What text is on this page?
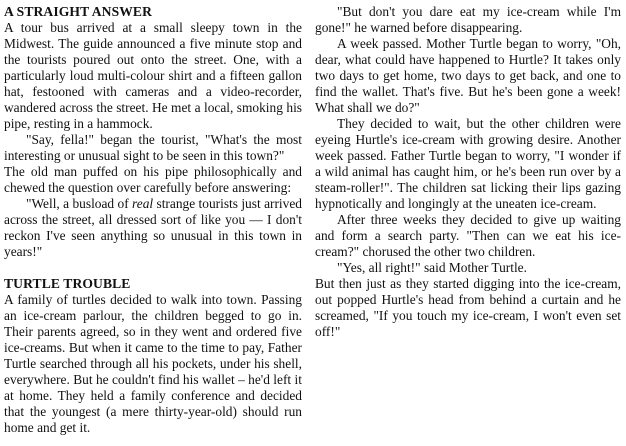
A STRAIGHT ANSWER

A tour bus arrived at a small sleepy town in the Midwest. The guide announced a five minute stop and the tourists poured out onto the street. One, with a particularly loud multi-colour shirt and a fifteen gallon hat, festooned with cameras and a video-recorder, wandered across the street. He met a local, smoking his pipe, resting in a hammock.

"Say, fella!" began the tourist, "What's the most interesting or unusual sight to be seen in this town?"

The old man puffed on his pipe philosophically and chewed the question over carefully before answering:

"Well, a busload of real strange tourists just arrived across the street, all dressed sort of like you — I don't reckon I've seen anything so unusual in this town in years!"

TURTLE TROUBLE

A family of turtles decided to walk into town. Passing an ice-cream parlour, the children begged to go in. Their parents agreed, so in they went and ordered five ice-creams. But when it came to the time to pay, Father Turtle searched through all his pockets, under his shell, everywhere. But he couldn't find his wallet – he'd left it at home. They held a family conference and decided that the youngest (a mere thirty-year-old) should run home and get it.

"But don't you dare eat my ice-cream while I'm gone!" he warned before disappearing.

A week passed. Mother Turtle began to worry, "Oh, dear, what could have happened to Hurtle? It takes only two days to get home, two days to get back, and one to find the wallet. That's five. But he's been gone a week! What shall we do?"

They decided to wait, but the other children were eyeing Hurtle's ice-cream with growing desire. Another week passed. Father Turtle began to worry, "I wonder if a wild animal has caught him, or he's been run over by a steam-roller!". The children sat licking their lips gazing hypnotically and longingly at the uneaten ice-cream.

After three weeks they decided to give up waiting and form a search party. "Then can we eat his ice-cream?" chorused the other two children.

"Yes, all right!" said Mother Turtle.

But then just as they started digging into the ice-cream, out popped Hurtle's head from behind a curtain and he screamed, "If you touch my ice-cream, I won't even set off!"
